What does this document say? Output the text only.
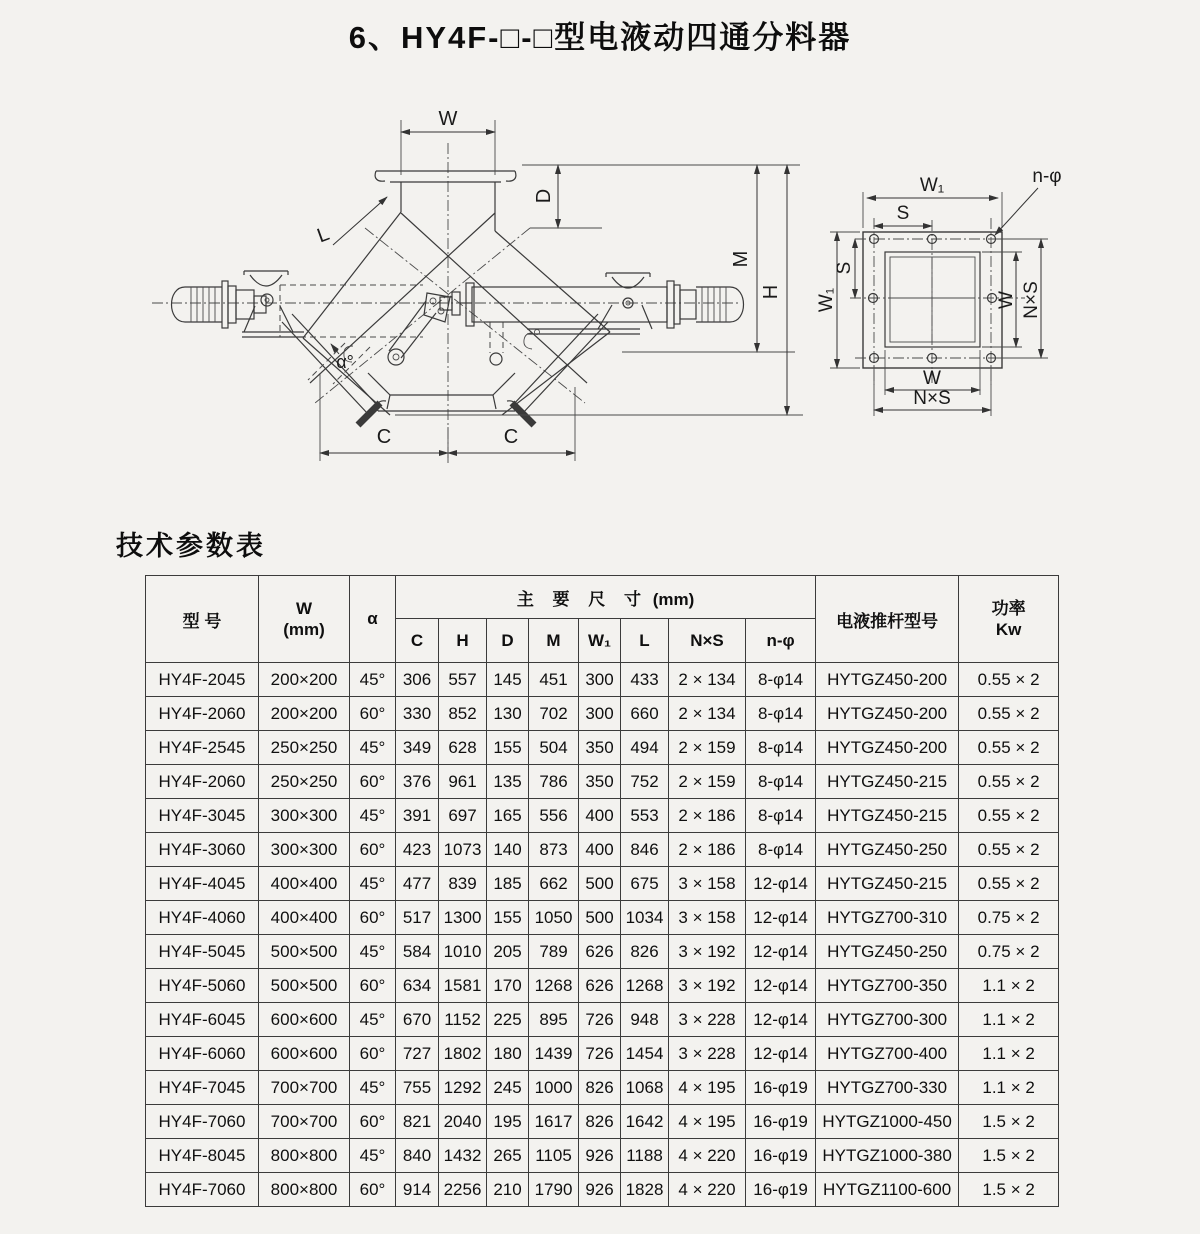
6、HY4F-□-□型电液动四通分料器
α°
L
W
D
M
H
C	C
W₁
S
n-φ
W₁
S
W N×S
W
N×S
技术参数表
型 号	W
(mm)	α	主 要 尺 寸 (mm)								电液推杆型号	功率
Kw

			C	H	D	M	W₁	L	N×S	n-φ		
HY4F-2045	200×200	45°	306	557	145	451	300	433	2 × 134	8-φ14	HYTGZ450-200	0.55 × 2
HY4F-2060	200×200	60°	330	852	130	702	300	660	2 × 134	8-φ14	HYTGZ450-200	0.55 × 2
HY4F-2545	250×250	45°	349	628	155	504	350	494	2 × 159	8-φ14	HYTGZ450-200	0.55 × 2
HY4F-2060	250×250	60°	376	961	135	786	350	752	2 × 159	8-φ14	HYTGZ450-215	0.55 × 2
HY4F-3045	300×300	45°	391	697	165	556	400	553	2 × 186	8-φ14	HYTGZ450-215	0.55 × 2
HY4F-3060	300×300	60°	423	1073	140	873	400	846	2 × 186	8-φ14	HYTGZ450-250	0.55 × 2
HY4F-4045	400×400	45°	477	839	185	662	500	675	3 × 158	12-φ14	HYTGZ450-215	0.55 × 2
HY4F-4060	400×400	60°	517	1300	155	1050	500	1034	3 × 158	12-φ14	HYTGZ700-310	0.75 × 2
HY4F-5045	500×500	45°	584	1010	205	789	626	826	3 × 192	12-φ14	HYTGZ450-250	0.75 × 2
HY4F-5060	500×500	60°	634	1581	170	1268	626	1268	3 × 192	12-φ14	HYTGZ700-350	1.1 × 2
HY4F-6045	600×600	45°	670	1152	225	895	726	948	3 × 228	12-φ14	HYTGZ700-300	1.1 × 2
HY4F-6060	600×600	60°	727	1802	180	1439	726	1454	3 × 228	12-φ14	HYTGZ700-400	1.1 × 2
HY4F-7045	700×700	45°	755	1292	245	1000	826	1068	4 × 195	16-φ19	HYTGZ700-330	1.1 × 2
HY4F-7060	700×700	60°	821	2040	195	1617	826	1642	4 × 195	16-φ19	HYTGZ1000-450	1.5 × 2
HY4F-8045	800×800	45°	840	1432	265	1105	926	1188	4 × 220	16-φ19	HYTGZ1000-380	1.5 × 2
HY4F-7060	800×800	60°	914	2256	210	1790	926	1828	4 × 220	16-φ19	HYTGZ1100-600	1.5 × 2
